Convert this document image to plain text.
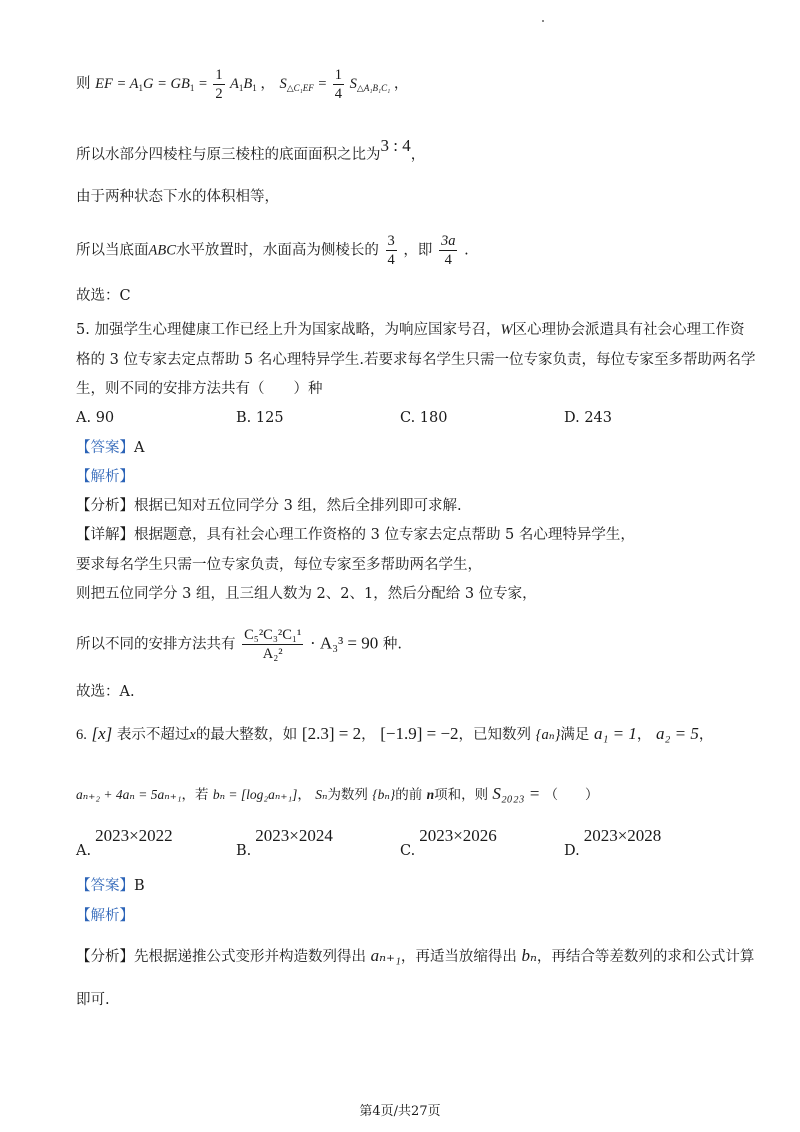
则 EF = $A_1G = GB_1 = \frac{1}{2} A_1B_1$ ， $S_{\triangle C_1EF} = \frac{1}{4} S_{\triangle A_1B_1C_1}$ ，
所以水部分四棱柱与原三棱柱的底面面积之比为3 : 4，
由于两种状态下水的体积相等，
所以当底面ABC水平放置时，水面高为侧棱长的 $\frac{3}{4}$ ，即 $\frac{3a}{4}$ .
故选：C
5. 加强学生心理健康工作已经上升为国家战略，为响应国家号召，W区心理协会派遣具有社会心理工作资
格的 3 位专家去定点帮助 5 名心理特异学生.若要求每名学生只需一位专家负责，每位专家至多帮助两名学
生，则不同的安排方法共有（　　）种
A. 90	B. 125	C. 180	D. 243
【答案】A
【解析】
【分析】根据已知对五位同学分 3 组，然后全排列即可求解.
【详解】根据题意，具有社会心理工作资格的 3 位专家去定点帮助 5 名心理特异学生，
要求每名学生只需一位专家负责，每位专家至多帮助两名学生，
则把五位同学分 3 组，且三组人数为 2、2、1，然后分配给 3 位专家，
所以不同的安排方法共有 $\frac{\text{C₅²C₃²C₁¹}}{\text{A₂²}} \cdot A_3^3 = 90$ 种.
故选：A.
6. [x] 表示不超过x的最大整数，如 [2.3] = 2， [−1.9] = −2，已知数列 {aₙ}满足 a₁ = 1， a₂ = 5，
aₙ₊₂ + 4aₙ = 5aₙ₊₁，若 bₙ = [log₂aₙ₊₁]， Sₙ为数列 {bₙ}的前 n项和，则 S₂₀₂₃ = （　　）
A.2023×2022
B.2023×2024
C.2023×2026
D.2023×2028
【答案】B
【解析】
【分析】先根据递推公式变形并构造数列得出 aₙ₊₁，再适当放缩得出 bₙ，再结合等差数列的求和公式计算
即可.
第4页/共27页
